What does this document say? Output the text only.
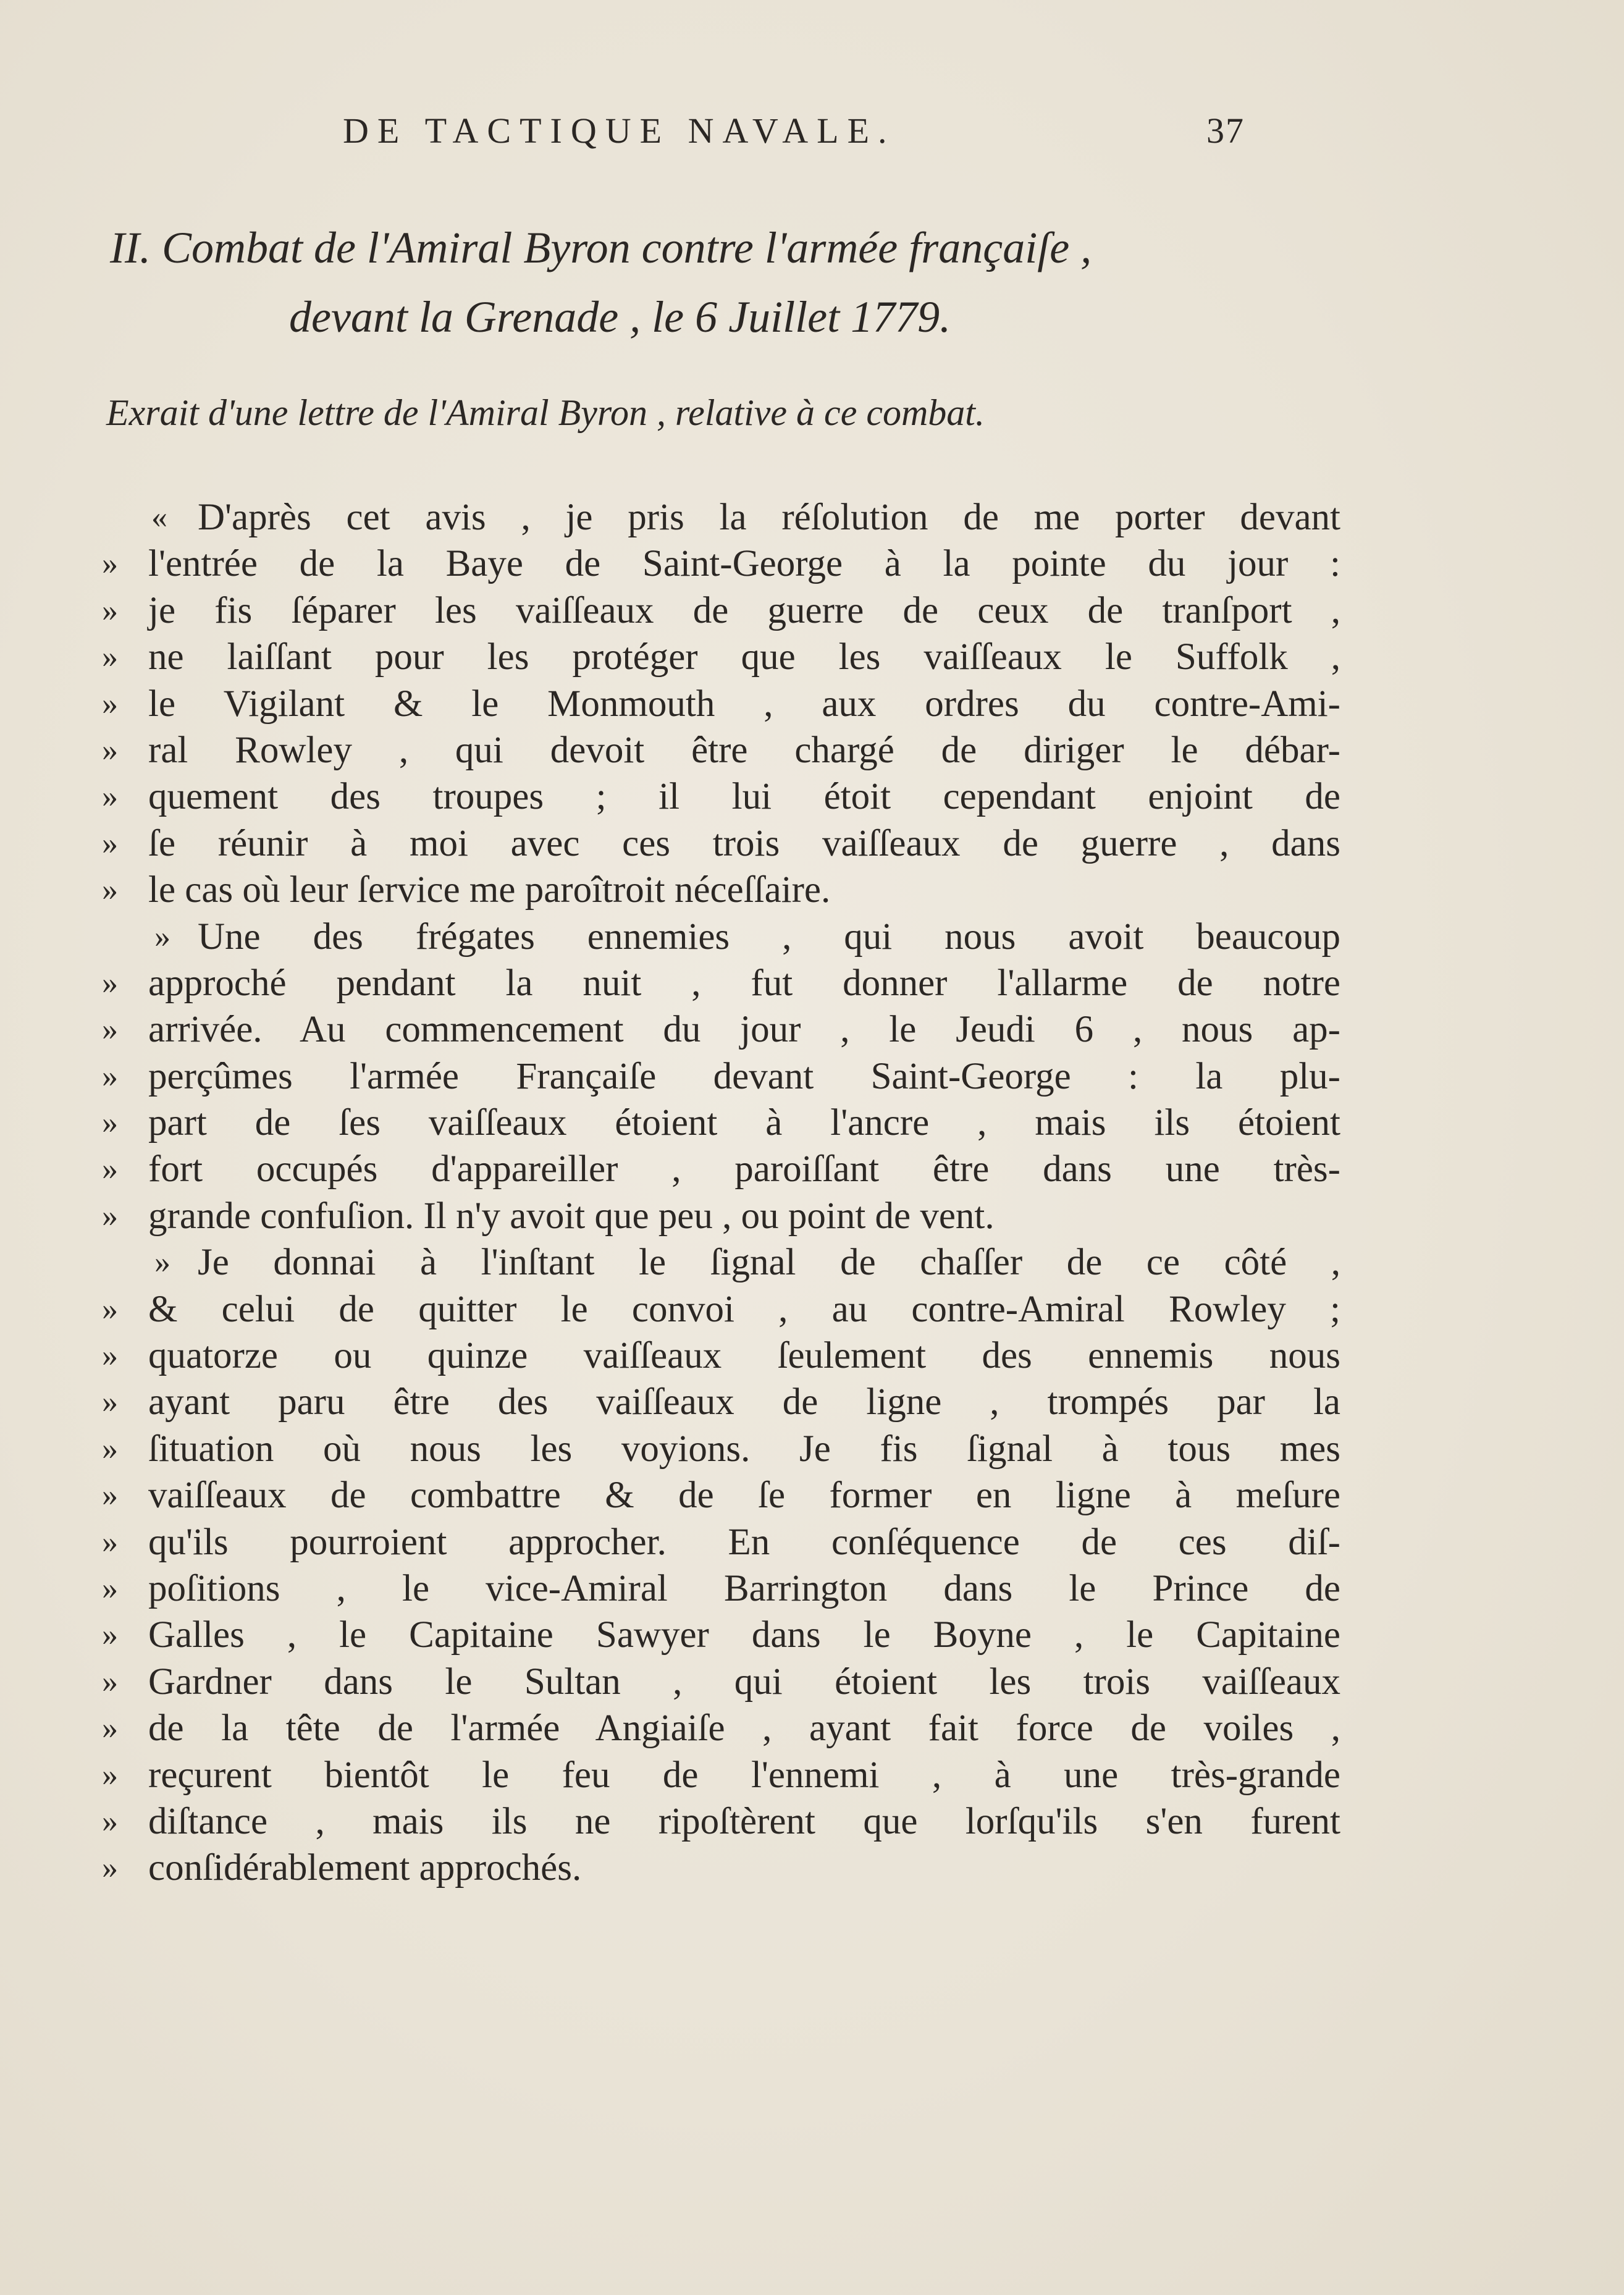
DE TACTIQUE NAVALE.	37
II. Combat de l'Amiral Byron contre l'armée françaiſe ,
devant la Grenade , le 6 Juillet 1779.
Exrait d'une lettre de l'Amiral Byron , relative à ce combat.
« D'après cet avis , je pris la réſolution de me porter devant
» l'entrée de la Baye de Saint-George à la pointe du jour :
» je fis ſéparer les vaiſſeaux de guerre de ceux de tranſport ,
» ne laiſſant pour les protéger que les vaiſſeaux le Suffolk ,
» le Vigilant & le Monmouth , aux ordres du contre-Ami-
» ral Rowley , qui devoit être chargé de diriger le débar-
» quement des troupes ; il lui étoit cependant enjoint de
» ſe réunir à moi avec ces trois vaiſſeaux de guerre , dans
» le cas où leur ſervice me paroîtroit néceſſaire.
» Une des frégates ennemies , qui nous avoit beaucoup
» approché pendant la nuit , fut donner l'allarme de notre
» arrivée. Au commencement du jour , le Jeudi 6 , nous ap-
» perçûmes l'armée Françaiſe devant Saint-George : la plu-
» part de ſes vaiſſeaux étoient à l'ancre , mais ils étoient
» fort occupés d'appareiller , paroiſſant être dans une très-
» grande confuſion. Il n'y avoit que peu , ou point de vent.
» Je donnai à l'inſtant le ſignal de chaſſer de ce côté ,
» & celui de quitter le convoi , au contre-Amiral Rowley ;
» quatorze ou quinze vaiſſeaux ſeulement des ennemis nous
» ayant paru être des vaiſſeaux de ligne , trompés par la
» ſituation où nous les voyions. Je fis ſignal à tous mes
» vaiſſeaux de combattre & de ſe former en ligne à meſure
» qu'ils pourroient approcher. En conſéquence de ces diſ-
» poſitions , le vice-Amiral Barrington dans le Prince de
» Galles , le Capitaine Sawyer dans le Boyne , le Capitaine
» Gardner dans le Sultan , qui étoient les trois vaiſſeaux
» de la tête de l'armée Angiaiſe , ayant fait force de voiles ,
» reçurent bientôt le feu de l'ennemi , à une très-grande
» diſtance , mais ils ne ripoſtèrent que lorſqu'ils s'en furent
» conſidérablement approchés.
